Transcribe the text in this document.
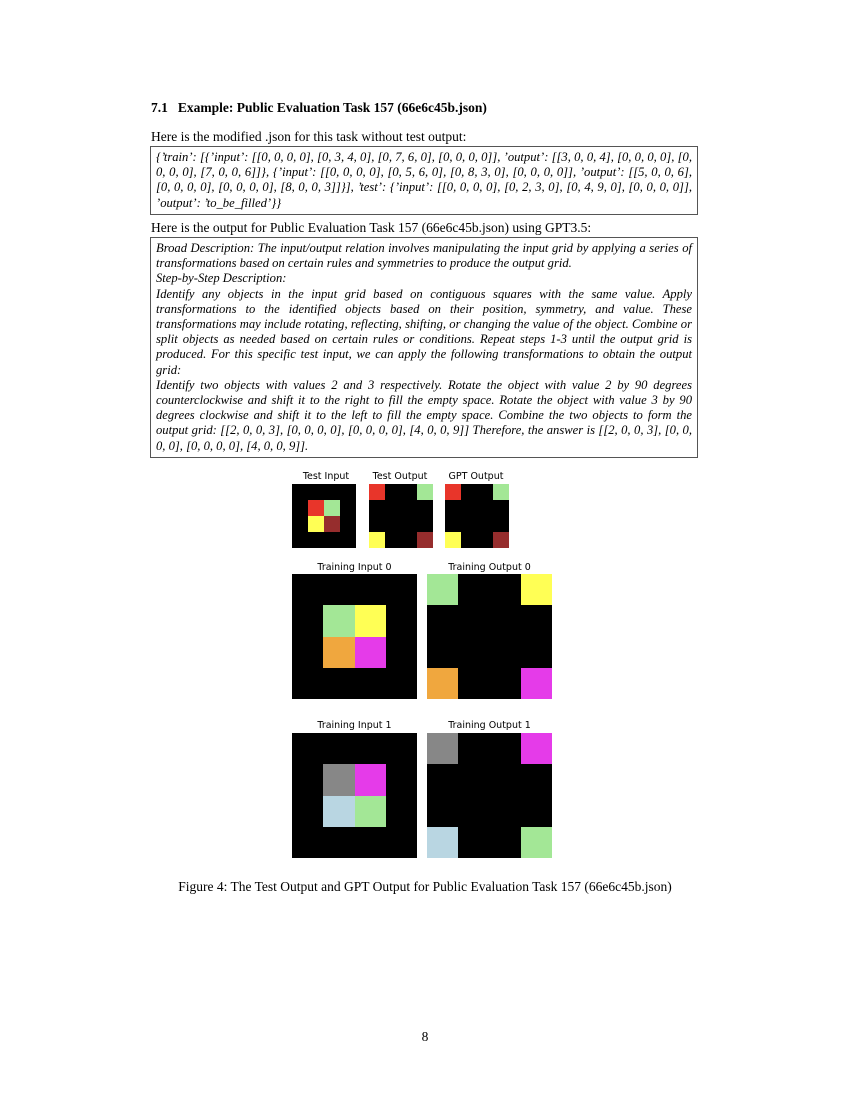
7.1 Example: Public Evaluation Task 157 (66e6c45b.json)

Here is the modified .json for this task without test output:

{’train’: [{’input’: [[0, 0, 0, 0], [0, 3, 4, 0], [0, 7, 6, 0], [0, 0, 0, 0]], ’output’: [[3, 0, 0, 4], [0, 0, 0, 0], [0, 0, 0, 0], [7, 0, 0, 6]]}, {’input’: [[0, 0, 0, 0], [0, 5, 6, 0], [0, 8, 3, 0], [0, 0, 0, 0]], ’output’: [[5, 0, 0, 6], [0, 0, 0, 0], [0, 0, 0, 0], [8, 0, 0, 3]]}], ’test’: {’input’: [[0, 0, 0, 0], [0, 2, 3, 0], [0, 4, 9, 0], [0, 0, 0, 0]], ’output’: ’to_be_filled’}}

Here is the output for Public Evaluation Task 157 (66e6c45b.json) using GPT3.5:

Broad Description: The input/output relation involves manipulating the input grid by applying a series of transformations based on certain rules and symmetries to produce the output grid.

Step-by-Step Description:

Identify any objects in the input grid based on contiguous squares with the same value. Apply transformations to the identified objects based on their position, symmetry, and value. These transformations may include rotating, reflecting, shifting, or changing the value of the object. Combine or split objects as needed based on certain rules or conditions. Repeat steps 1-3 until the output grid is produced. For this specific test input, we can apply the following transformations to obtain the output grid:

Identify two objects with values 2 and 3 respectively. Rotate the object with value 2 by 90 degrees counterclockwise and shift it to the right to fill the empty space. Rotate the object with value 3 by 90 degrees clockwise and shift it to the left to fill the empty space. Combine the two objects to form the output grid: [[2, 0, 0, 3], [0, 0, 0, 0], [0, 0, 0, 0], [4, 0, 0, 9]] Therefore, the answer is [[2, 0, 0, 3], [0, 0, 0, 0], [0, 0, 0, 0], [4, 0, 0, 9]].

Test Input	Test Output	GPT Output
Training Input 0	Training Output 0
Training Input 1	Training Output 1
Figure 4: The Test Output and GPT Output for Public Evaluation Task 157 (66e6c45b.json)
8
